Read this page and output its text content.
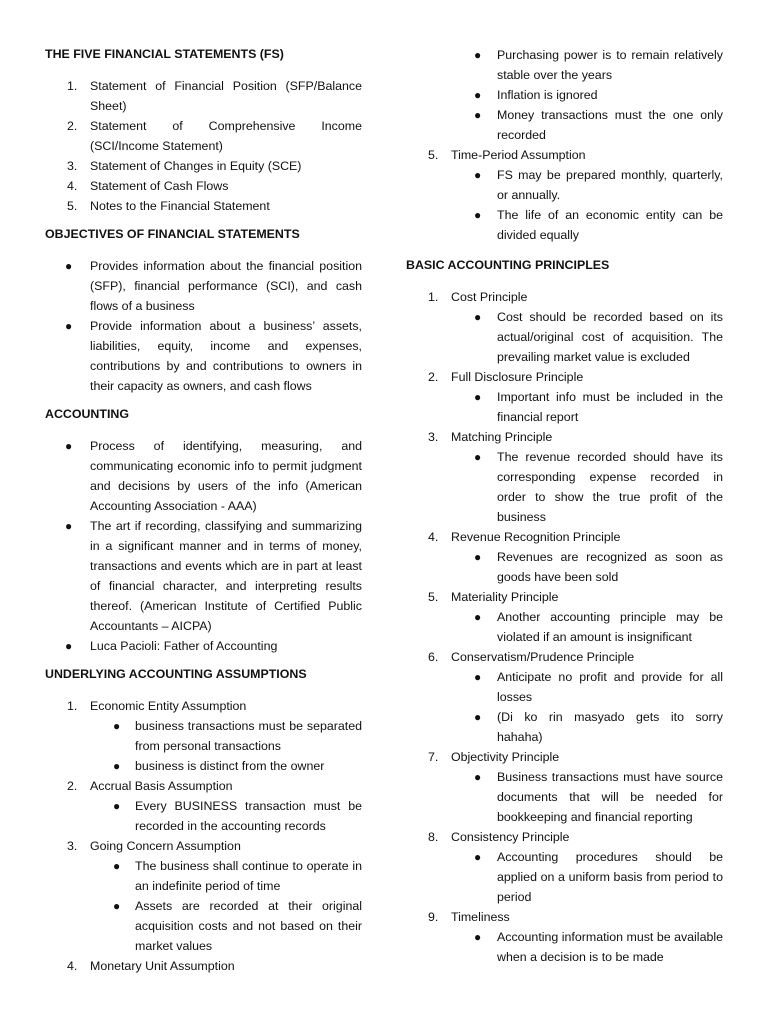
THE FIVE FINANCIAL STATEMENTS (FS)

1.	Statement of Financial Position (SFP/Balance Sheet)
2.	Statement of Comprehensive Income (SCI/Income Statement)
3.	Statement of Changes in Equity (SCE)
4.	Statement of Cash Flows
5.	Notes to the Financial Statement

OBJECTIVES OF FINANCIAL STATEMENTS

● Provides information about the financial position (SFP), financial performance (SCI), and cash flows of a business
● Provide information about a business’ assets, liabilities, equity, income and expenses, contributions by and contributions to owners in their capacity as owners, and cash flows

ACCOUNTING

● Process of identifying, measuring, and communicating economic info to permit judgment and decisions by users of the info (American Accounting Association - AAA)
● The art if recording, classifying and summarizing in a significant manner and in terms of money, transactions and events which are in part at least of financial character, and interpreting results thereof. (American Institute of Certified Public Accountants – AICPA)
● Luca Pacioli: Father of Accounting

UNDERLYING ACCOUNTING ASSUMPTIONS

1.	Economic Entity Assumption
● business transactions must be separated from personal transactions
● business is distinct from the owner
2.	Accrual Basis Assumption
● Every BUSINESS transaction must be recorded in the accounting records
3.	Going Concern Assumption
● The business shall continue to operate in an indefinite period of time
● Assets are recorded at their original acquisition costs and not based on their market values
4.	Monetary Unit Assumption
● Purchasing power is to remain relatively stable over the years
● Inflation is ignored
● Money transactions must the one only recorded
5.	Time-Period Assumption
● FS may be prepared monthly, quarterly, or annually.
● The life of an economic entity can be divided equally

BASIC ACCOUNTING PRINCIPLES

1.	Cost Principle
● Cost should be recorded based on its actual/original cost of acquisition. The prevailing market value is excluded
2.	Full Disclosure Principle
● Important info must be included in the financial report
3.	Matching Principle
● The revenue recorded should have its corresponding expense recorded in order to show the true profit of the business
4.	Revenue Recognition Principle
● Revenues are recognized as soon as goods have been sold
5.	Materiality Principle
● Another accounting principle may be violated if an amount is insignificant
6.	Conservatism/Prudence Principle
● Anticipate no profit and provide for all losses
● (Di ko rin masyado gets ito sorry hahaha)
7.	Objectivity Principle
● Business transactions must have source documents that will be needed for bookkeeping and financial reporting
8.	Consistency Principle
● Accounting procedures should be applied on a uniform basis from period to period
9.	Timeliness
● Accounting information must be available when a decision is to be made
